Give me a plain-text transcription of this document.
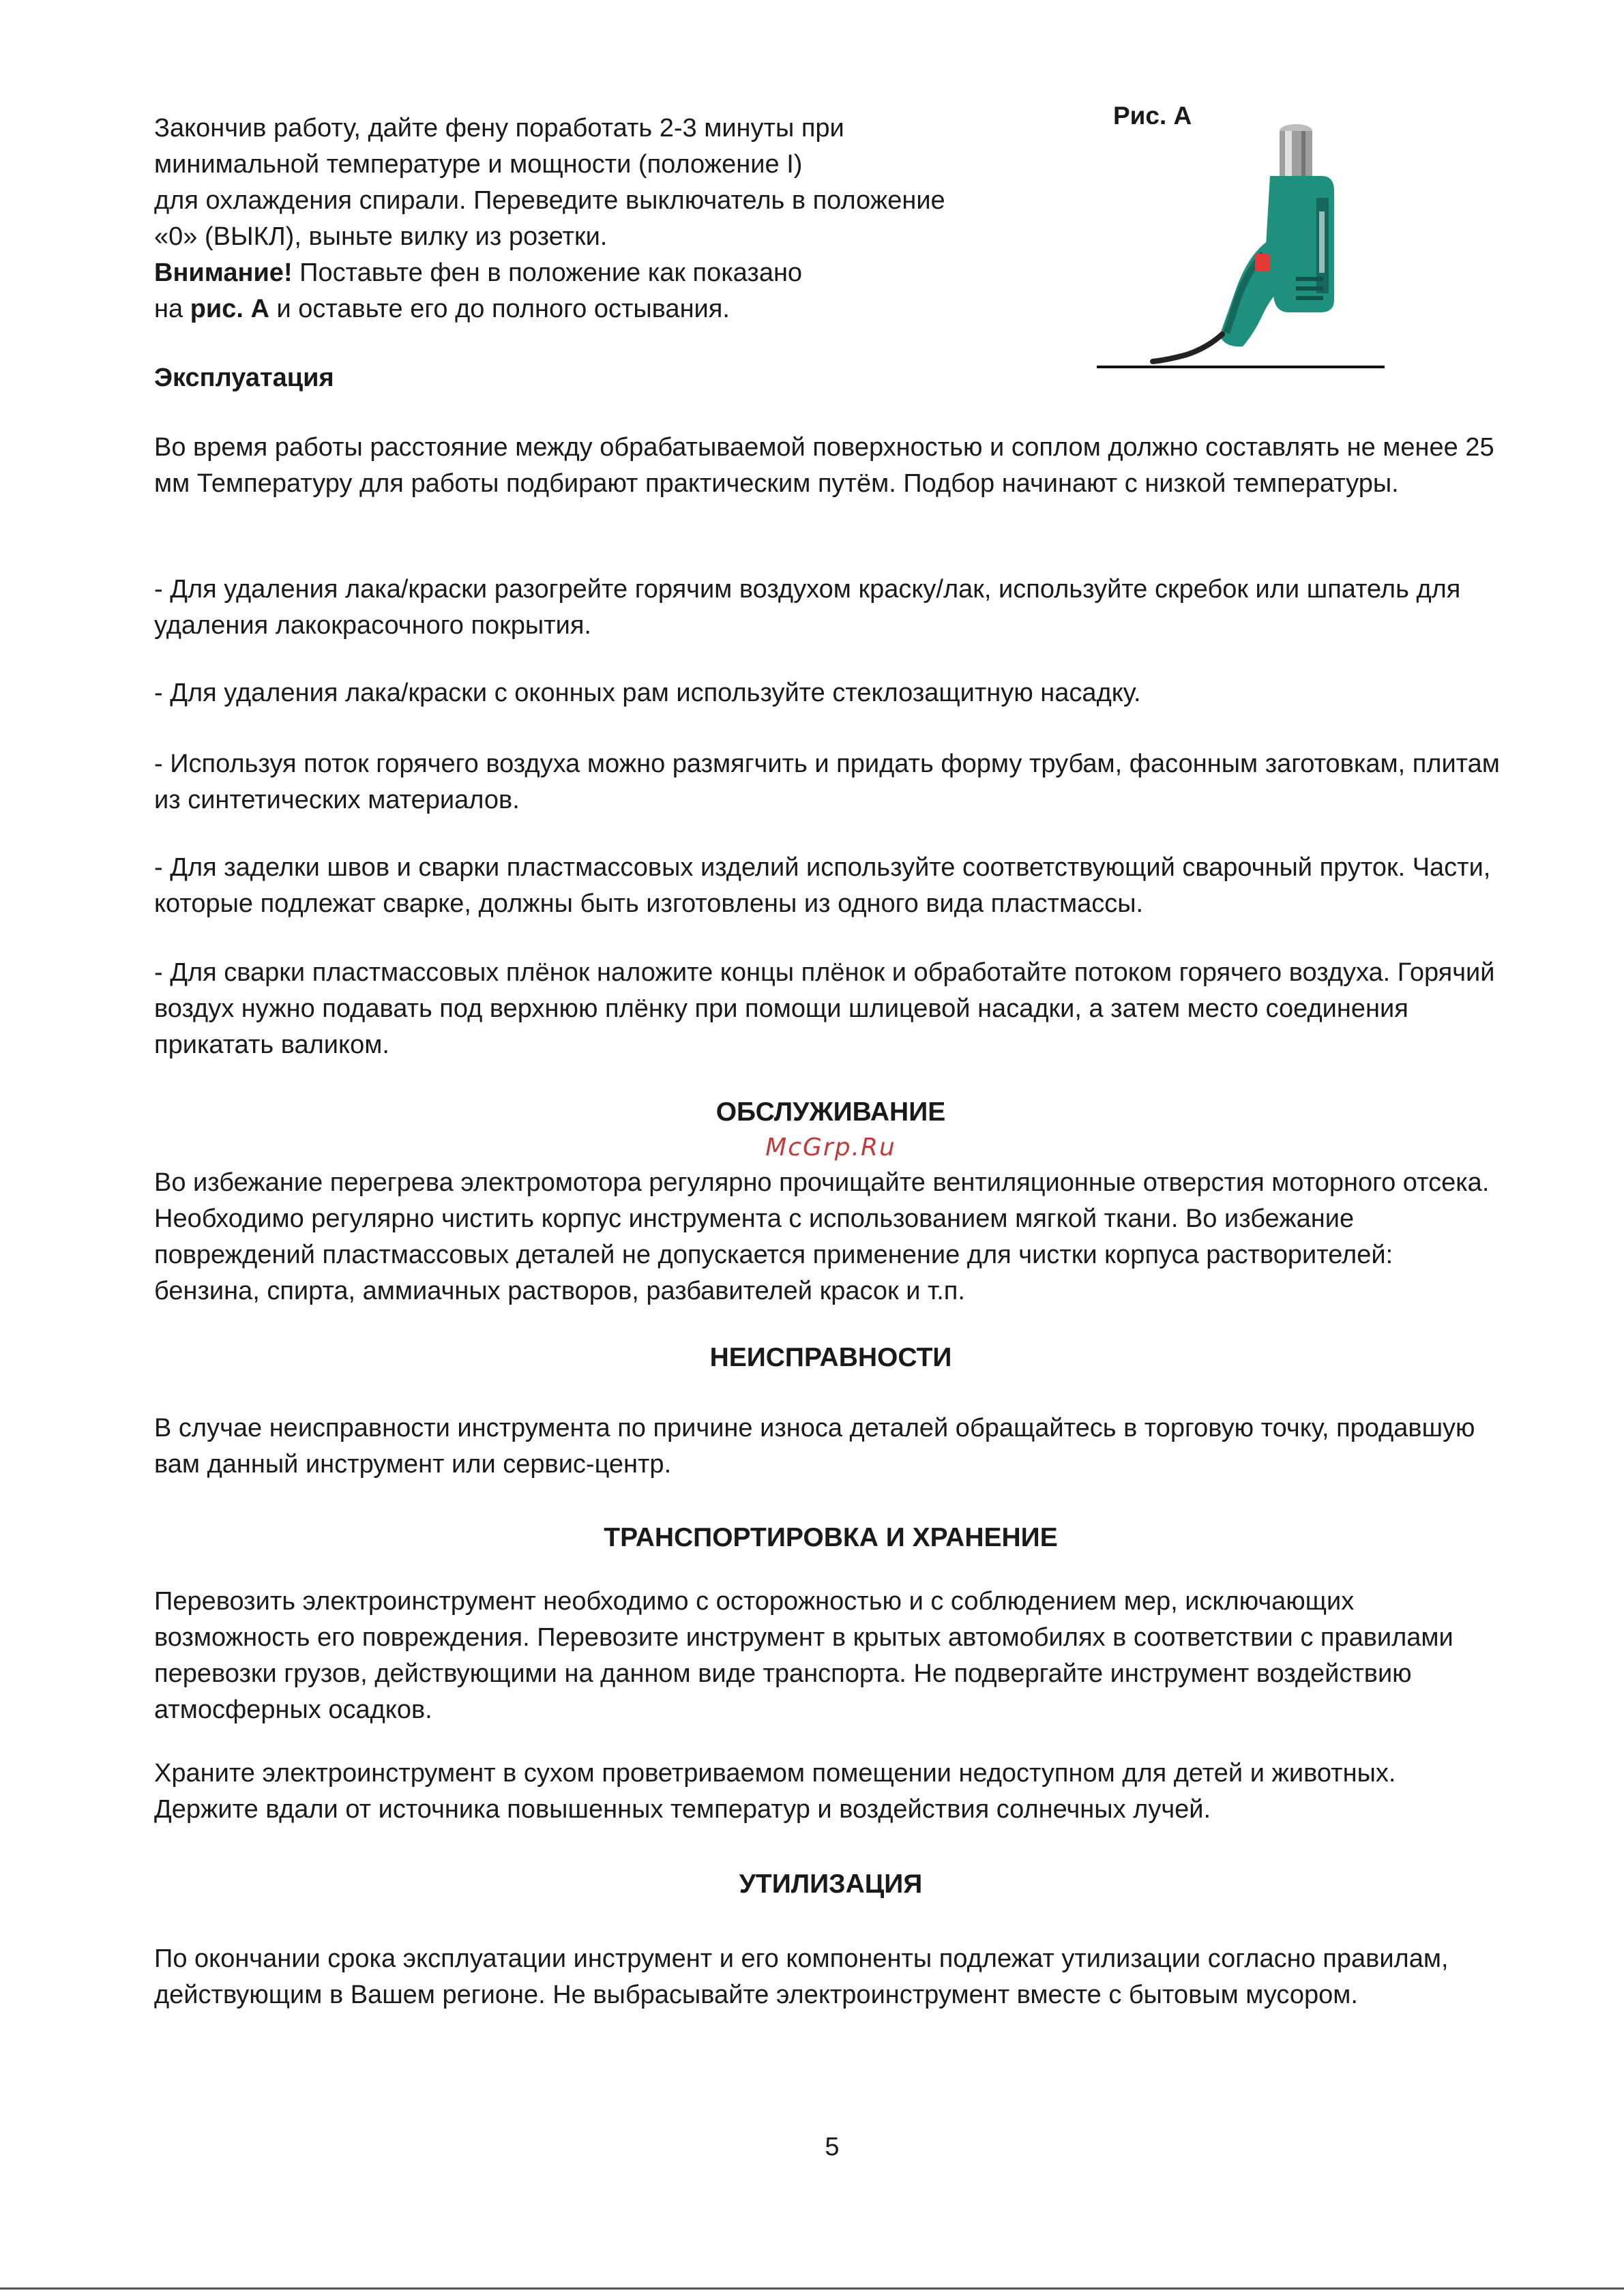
Закончив работу, дайте фену поработать 2-3 минуты при
минимальной температуре и мощности (положение I)
для охлаждения спирали. Переведите выключатель в положение
«0» (ВЫКЛ), выньте вилку из розетки.
Внимание! Поставьте фен в положение как показано
на рис. А и оставьте его до полного остывания.
Рис. А
Эксплуатация

Во время работы расстояние между обрабатываемой поверхностью и соплом должно составлять не менее 25 мм Температуру для работы подбирают практическим путём. Подбор начинают с низкой температуры.

- Для удаления лака/краски разогрейте горячим воздухом краску/лак, используйте скребок или шпатель для удаления лакокрасочного покрытия.

- Для удаления лака/краски с оконных рам используйте стеклозащитную насадку.

- Используя поток горячего воздуха можно размягчить и придать форму трубам, фасонным заготовкам, плитам из синтетических материалов.

- Для заделки швов и сварки пластмассовых изделий используйте соответствующий сварочный пруток. Части, которые подлежат сварке, должны быть изготовлены из одного вида пластмассы.

- Для сварки пластмассовых плёнок наложите концы плёнок и обработайте потоком горячего воздуха. Горячий воздух нужно подавать под верхнюю плёнку при помощи шлицевой насадки, а затем место соединения прикатать валиком.

ОБСЛУЖИВАНИЕ
McGrp.Ru

Во избежание перегрева электромотора регулярно прочищайте вентиляционные отверстия моторного отсека. Необходимо регулярно чистить корпус инструмента с использованием мягкой ткани. Во избежание повреждений пластмассовых деталей не допускается применение для чистки корпуса растворителей: бензина, спирта, аммиачных растворов, разбавителей красок и т.п.

НЕИСПРАВНОСТИ

В случае неисправности инструмента по причине износа деталей обращайтесь в торговую точку, продавшую вам данный инструмент или сервис-центр.

ТРАНСПОРТИРОВКА И ХРАНЕНИЕ

Перевозить электроинструмент необходимо с осторожностью и с соблюдением мер, исключающих возможность его повреждения. Перевозите инструмент в крытых автомобилях в соответствии с правилами перевозки грузов, действующими на данном виде транспорта. Не подвергайте инструмент воздействию атмосферных осадков.

Храните электроинструмент в сухом проветриваемом помещении недоступном для детей и животных. Держите вдали от источника повышенных температур и воздействия солнечных лучей.

УТИЛИЗАЦИЯ

По окончании срока эксплуатации инструмент и его компоненты подлежат утилизации согласно правилам, действующим в Вашем регионе. Не выбрасывайте электроинструмент вместе с бытовым мусором.

5
